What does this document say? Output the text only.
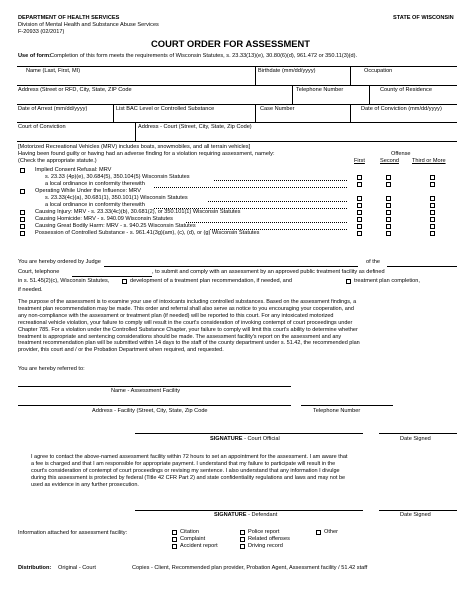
DEPARTMENT OF HEALTH SERVICES
Division of Mental Health and Substance Abuse Services
F-20933 (02/2017)
STATE OF WISCONSIN
COURT ORDER FOR ASSESSMENT
Use of form: Completion of this form meets the requirements of Wisconsin Statutes, s. 23.33(13)(e), 30.80(6)(d), 961.472 or 350.11(3)(d).
Name (Last, First, MI)	Birthdate (mm/dd/yyyy)	Occupation
Address (Street or RFD, City, State, ZIP Code	Telephone Number	County of Residence
Date of Arrest (mm/dd/yyyy)	List BAC Level or Controlled Substance	Case Number	Date of Conviction (mm/dd/yyyy)
Court of Conviction	Address - Court (Street, City, State, Zip Code)
[Motorized Recreational Vehicles (MRV) includes boats, snowmobiles, and all terrain vehicles]
Having been found guilty or having had an adverse finding for a violation requiring assessment, namely:
(Check the appropriate statute.)
Offense
First	Second Third or More
Implied Consent Refusal: MRV
s. 23.33 (4p)(e), 30.684(5), 350.104(5) Wisconsin Statutes
a local ordinance in conformity therewith
Operating While Under the Influence: MRV
s. 23.33(4c)(a), 30.681(1), 350.101(1) Wisconsin Statutes
a local ordinance in conformity therewith
Causing Injury: MRV - s. 23.33(4c)(b), 30.681(2), or 350.101(1) Wisconsin Statutes
Causing Homicide: MRV - s. 940.09 Wisconsin Statutes
Causing Great Bodily Harm: MRV - s. 940.25 Wisconsin Statutes
Possession of Controlled Substance - s. 961.41(3g)(am), (c), (d), or (g) Wisconsin Statutes
You are hereby ordered by Judge	of the
Court, telephone	, to submit and comply with an assessment by an approved public treatment facility as defined
in s. 51.45(2)(c), Wisconsin Statutes,	development of a treatment plan recommendation, if needed, and	treatment plan completion,
if needed.
The purpose of the assessment is to examine your use of intoxicants including controlled substances. Based on the assessment findings, a
treatment plan recommendation may be made. This order and referral shall also serve as notice to you encouraging your cooperation, and
any non-compliance with the assessment or treatment plan (if needed) will be reported to this court. For any intoxicated motorized
recreational vehicle violation, your failure to comply will result in the court's consideration of invoking contempt of court proceedings under
Chapter 785. For a violation under the Controlled Substance Chapter, your failure to comply will limit this court's ability to determine whether
treatment is appropriate and sentencing considerations should be made. The assessment facility's report on the assessment and any
treatment recommendation plan will be submitted within 14 days to the staff of the county department under s. 51.42, the recommended plan
provider, this court and / or the Probation Department when required, and requested.
You are hereby referred to:
Name - Assessment Facility
Address - Facility (Street, City, State, Zip Code	Telephone Number
SIGNATURE - Court Official	Date Signed
I agree to contact the above-named assessment facility within 72 hours to set an appointment for the assessment. I am aware that
a fee is charged and that I am responsible for appropriate payment. I understand that my failure to participate will result in the
court's consideration of contempt of court proceedings or revising my sentence. I also understand that any information I divulge
during this assessment is protected by federal (Title 42 CFR Part 2) and state confidentiality regulations and laws and may not be
used as evidence in any further prosecution.
SIGNATURE - Defendant	Date Signed
Information attached for assessment facility:	Citation
Complaint
Accident report
Police report
Related offenses
Driving record
Other
Distribution: Original - Court	Copies - Client, Recommended plan provider, Probation Agent, Assessment facility / 51.42 staff
